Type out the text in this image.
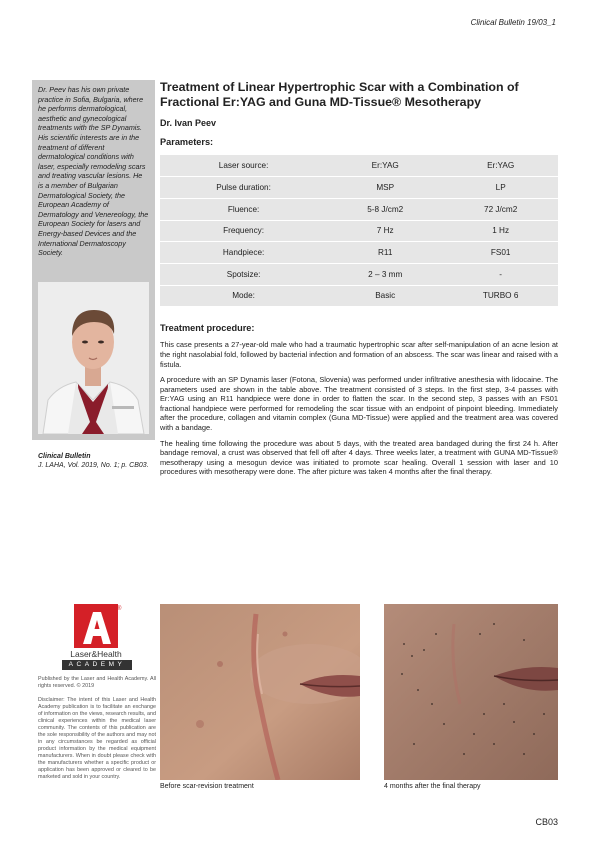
Clinical Bulletin 19/03_1
Dr. Peev has his own private practice in Sofia, Bulgaria, where he performs dermatological, aesthetic and gynecological treatments with the SP Dynamis. His scientific interests are in the treatment of different dermatological conditions with laser, especially remodeling scars and treating vascular lesions. He is a member of Bulgarian Dermatological Society, the European Academy of Dermatology and Venereology, the European Society for lasers and Energy-based Devices and the International Dermatoscopy Society.
Clinical Bulletin
J. LAHA, Vol. 2019, No. 1; p. CB03.
®
Laser&Health
ACADEMY
Published by the Laser and Health Academy. All rights reserved. © 2019
Disclaimer: The intent of this Laser and Health Academy publication is to facilitate an exchange of information on the views, research results, and clinical experiences within the medical laser community. The contents of this publication are the sole responsibility of the authors and may not in any circumstances be regarded as official product information by the medical equipment manufacturers. When in doubt please check with the manufacturers whether a specific product or application has been approved or cleared to be marketed and sold in your country.
Treatment of Linear Hypertrophic Scar with a Combination of Fractional Er:YAG and Guna MD-Tissue® Mesotherapy
Dr. Ivan Peev
Parameters:
Laser source:	Er:YAG	Er:YAG
Pulse duration:	MSP	LP
Fluence:	5-8 J/cm2	72 J/cm2
Frequency:	7 Hz	1 Hz
Handpiece:	R11	FS01
Spotsize:	2 – 3 mm	-
Mode:	Basic	TURBO 6
Treatment procedure:

This case presents a 27-year-old male who had a traumatic hypertrophic scar after self-manipulation of an acne lesion at the right nasolabial fold, followed by bacterial infection and formation of an abscess. The scar was linear and raised with a fistula.

A procedure with an SP Dynamis laser (Fotona, Slovenia) was performed under infiltrative anesthesia with lidocaine. The parameters used are shown in the table above. The treatment consisted of 3 steps. In the first step, 3-4 passes with Er:YAG using an R11 handpiece were done in order to flatten the scar. In the second step, 3 passes with an FS01 fractional handpiece were performed for remodeling the scar tissue with an endpoint of pinpoint bleeding. Immediately after the procedure, collagen and vitamin complex (Guna MD-Tissue) were applied and the treatment area was covered with a bandage.

The healing time following the procedure was about 5 days, with the treated area bandaged during the first 24 h. After bandage removal, a crust was observed that fell off after 4 days. Three weeks later, a treatment with GUNA MD-Tissue® mesotherapy using a mesogun device was initiated to promote scar healing. Overall 1 session with laser and 10 procedures with mesotherapy were done. The after picture was taken 4 months after the final therapy.

Before scar-revision treatment	4 months after the final therapy
CB03
